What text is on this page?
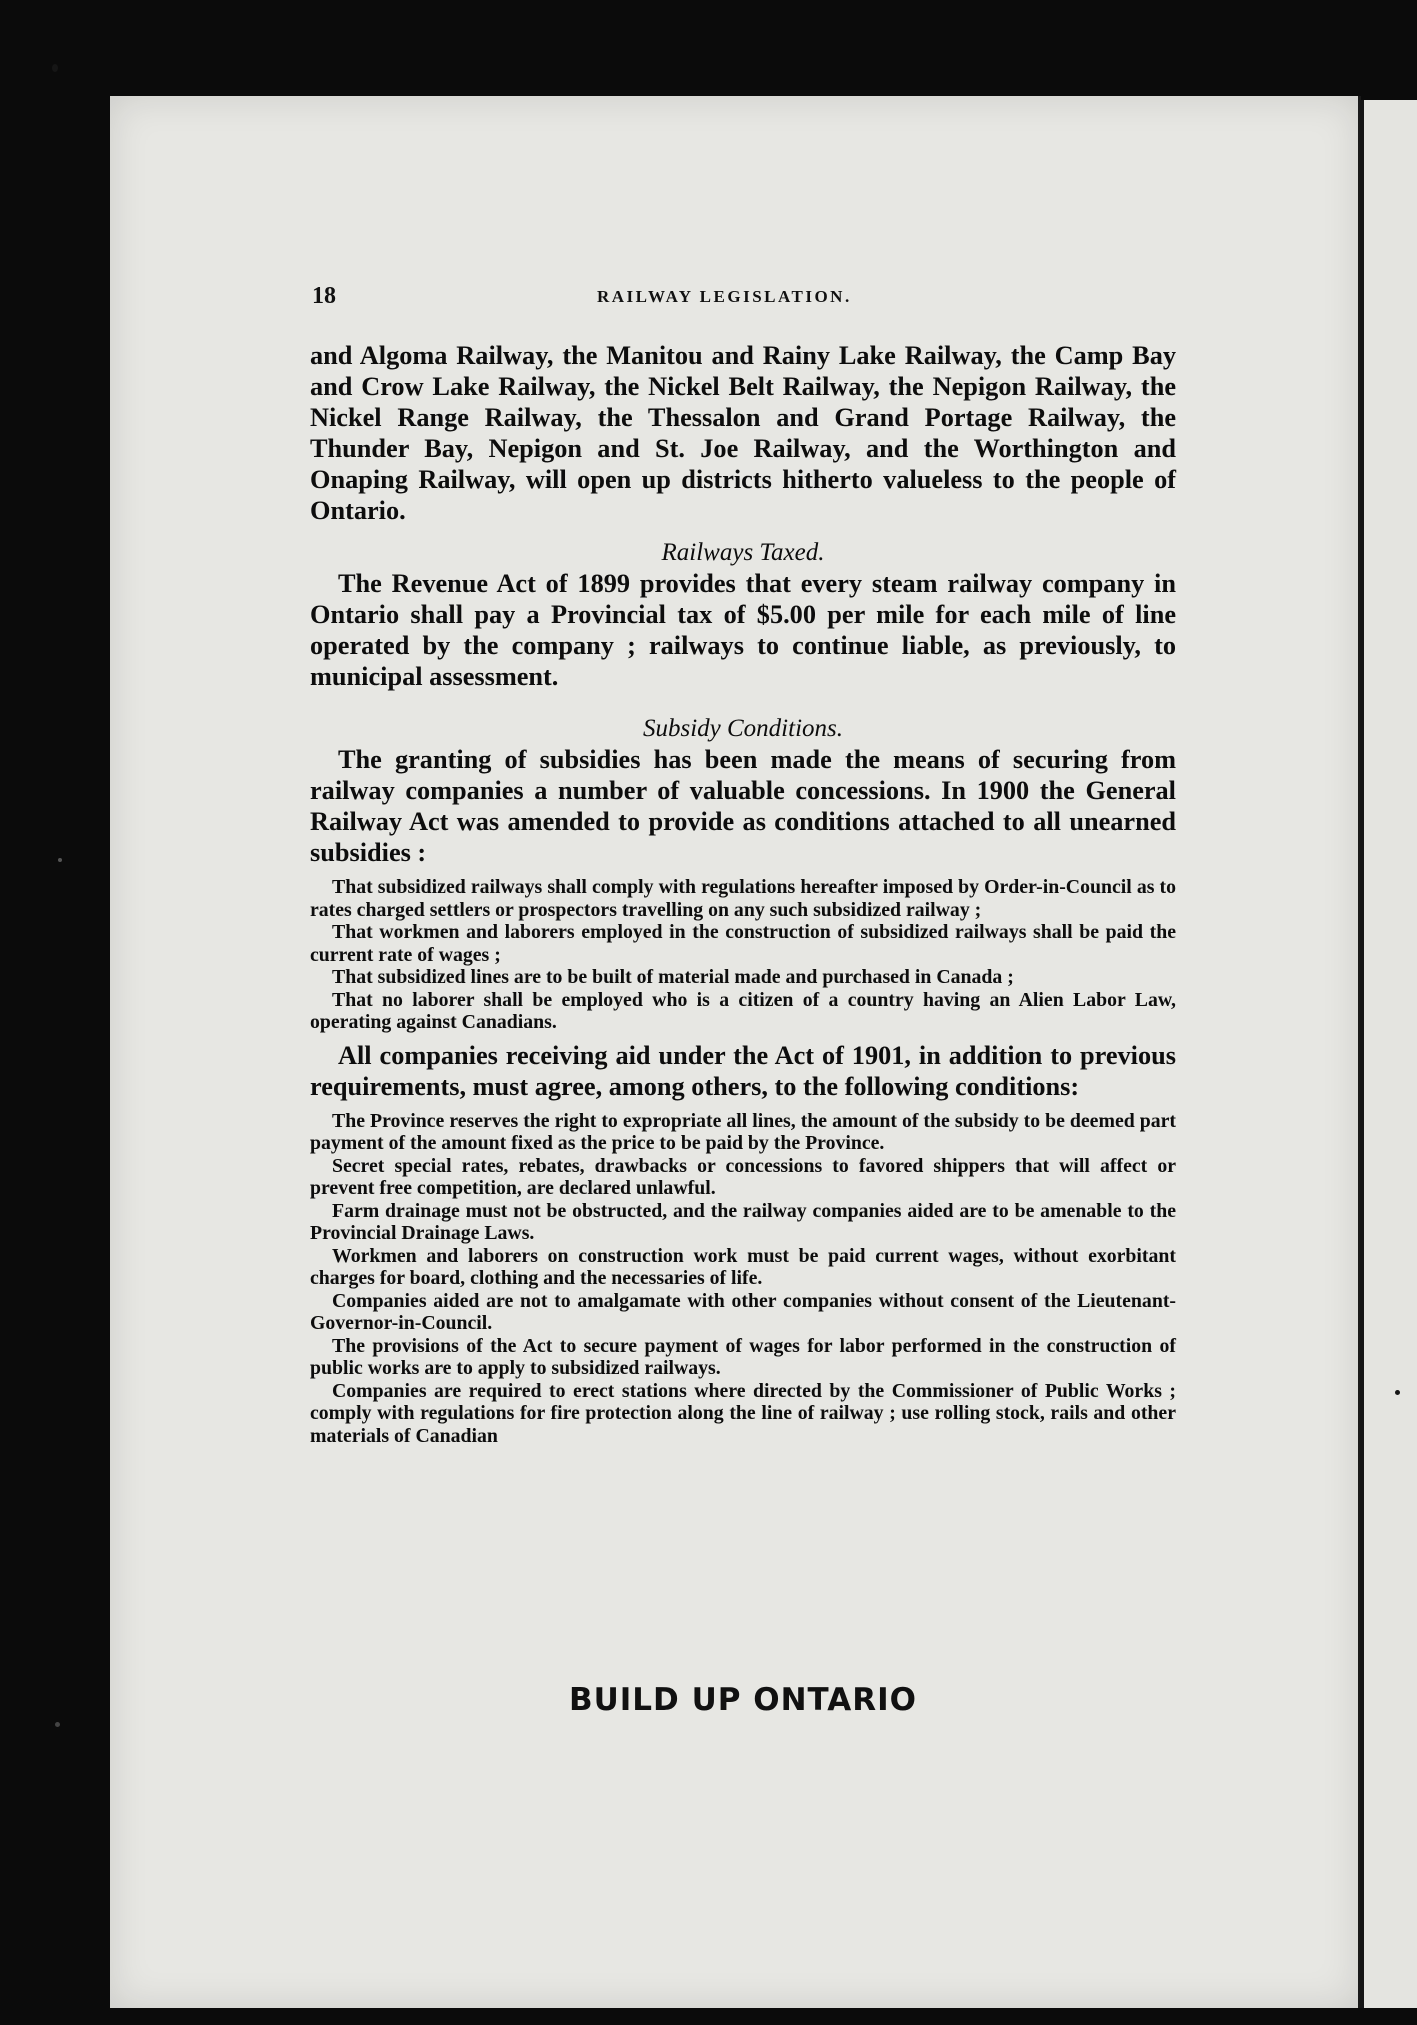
18	RAILWAY LEGISLATION.

and Algoma Railway, the Manitou and Rainy Lake Railway, the Camp Bay and Crow Lake Railway, the Nickel Belt Railway, the Nepigon Railway, the Nickel Range Railway, the Thessalon and Grand Portage Railway, the Thunder Bay, Nepigon and St. Joe Railway, and the Worthington and Onaping Railway, will open up districts hitherto valueless to the people of Ontario.

Railways Taxed.

The Revenue Act of 1899 provides that every steam railway company in Ontario shall pay a Provincial tax of $5.00 per mile for each mile of line operated by the company ; railways to continue liable, as previously, to municipal assessment.

Subsidy Conditions.

The granting of subsidies has been made the means of securing from railway companies a number of valuable concessions. In 1900 the General Railway Act was amended to provide as conditions attached to all unearned subsidies :

That subsidized railways shall comply with regulations hereafter imposed by Order-in-Council as to rates charged settlers or prospectors travelling on any such subsidized railway ;

That workmen and laborers employed in the construction of subsidized railways shall be paid the current rate of wages ;

That subsidized lines are to be built of material made and purchased in Canada ;

That no laborer shall be employed who is a citizen of a country having an Alien Labor Law, operating against Canadians.

All companies receiving aid under the Act of 1901, in addition to previous requirements, must agree, among others, to the following conditions:

The Province reserves the right to expropriate all lines, the amount of the subsidy to be deemed part payment of the amount fixed as the price to be paid by the Province.

Secret special rates, rebates, drawbacks or concessions to favored shippers that will affect or prevent free competition, are declared unlawful.

Farm drainage must not be obstructed, and the railway companies aided are to be amenable to the Provincial Drainage Laws.

Workmen and laborers on construction work must be paid current wages, without exorbitant charges for board, clothing and the necessaries of life.

Companies aided are not to amalgamate with other companies without consent of the Lieutenant-Governor-in-Council.

The provisions of the Act to secure payment of wages for labor performed in the construction of public works are to apply to subsidized railways.

Companies are required to erect stations where directed by the Commissioner of Public Works ; comply with regulations for fire protection along the line of railway ; use rolling stock, rails and other materials of Canadian

BUILD UP ONTARIO
